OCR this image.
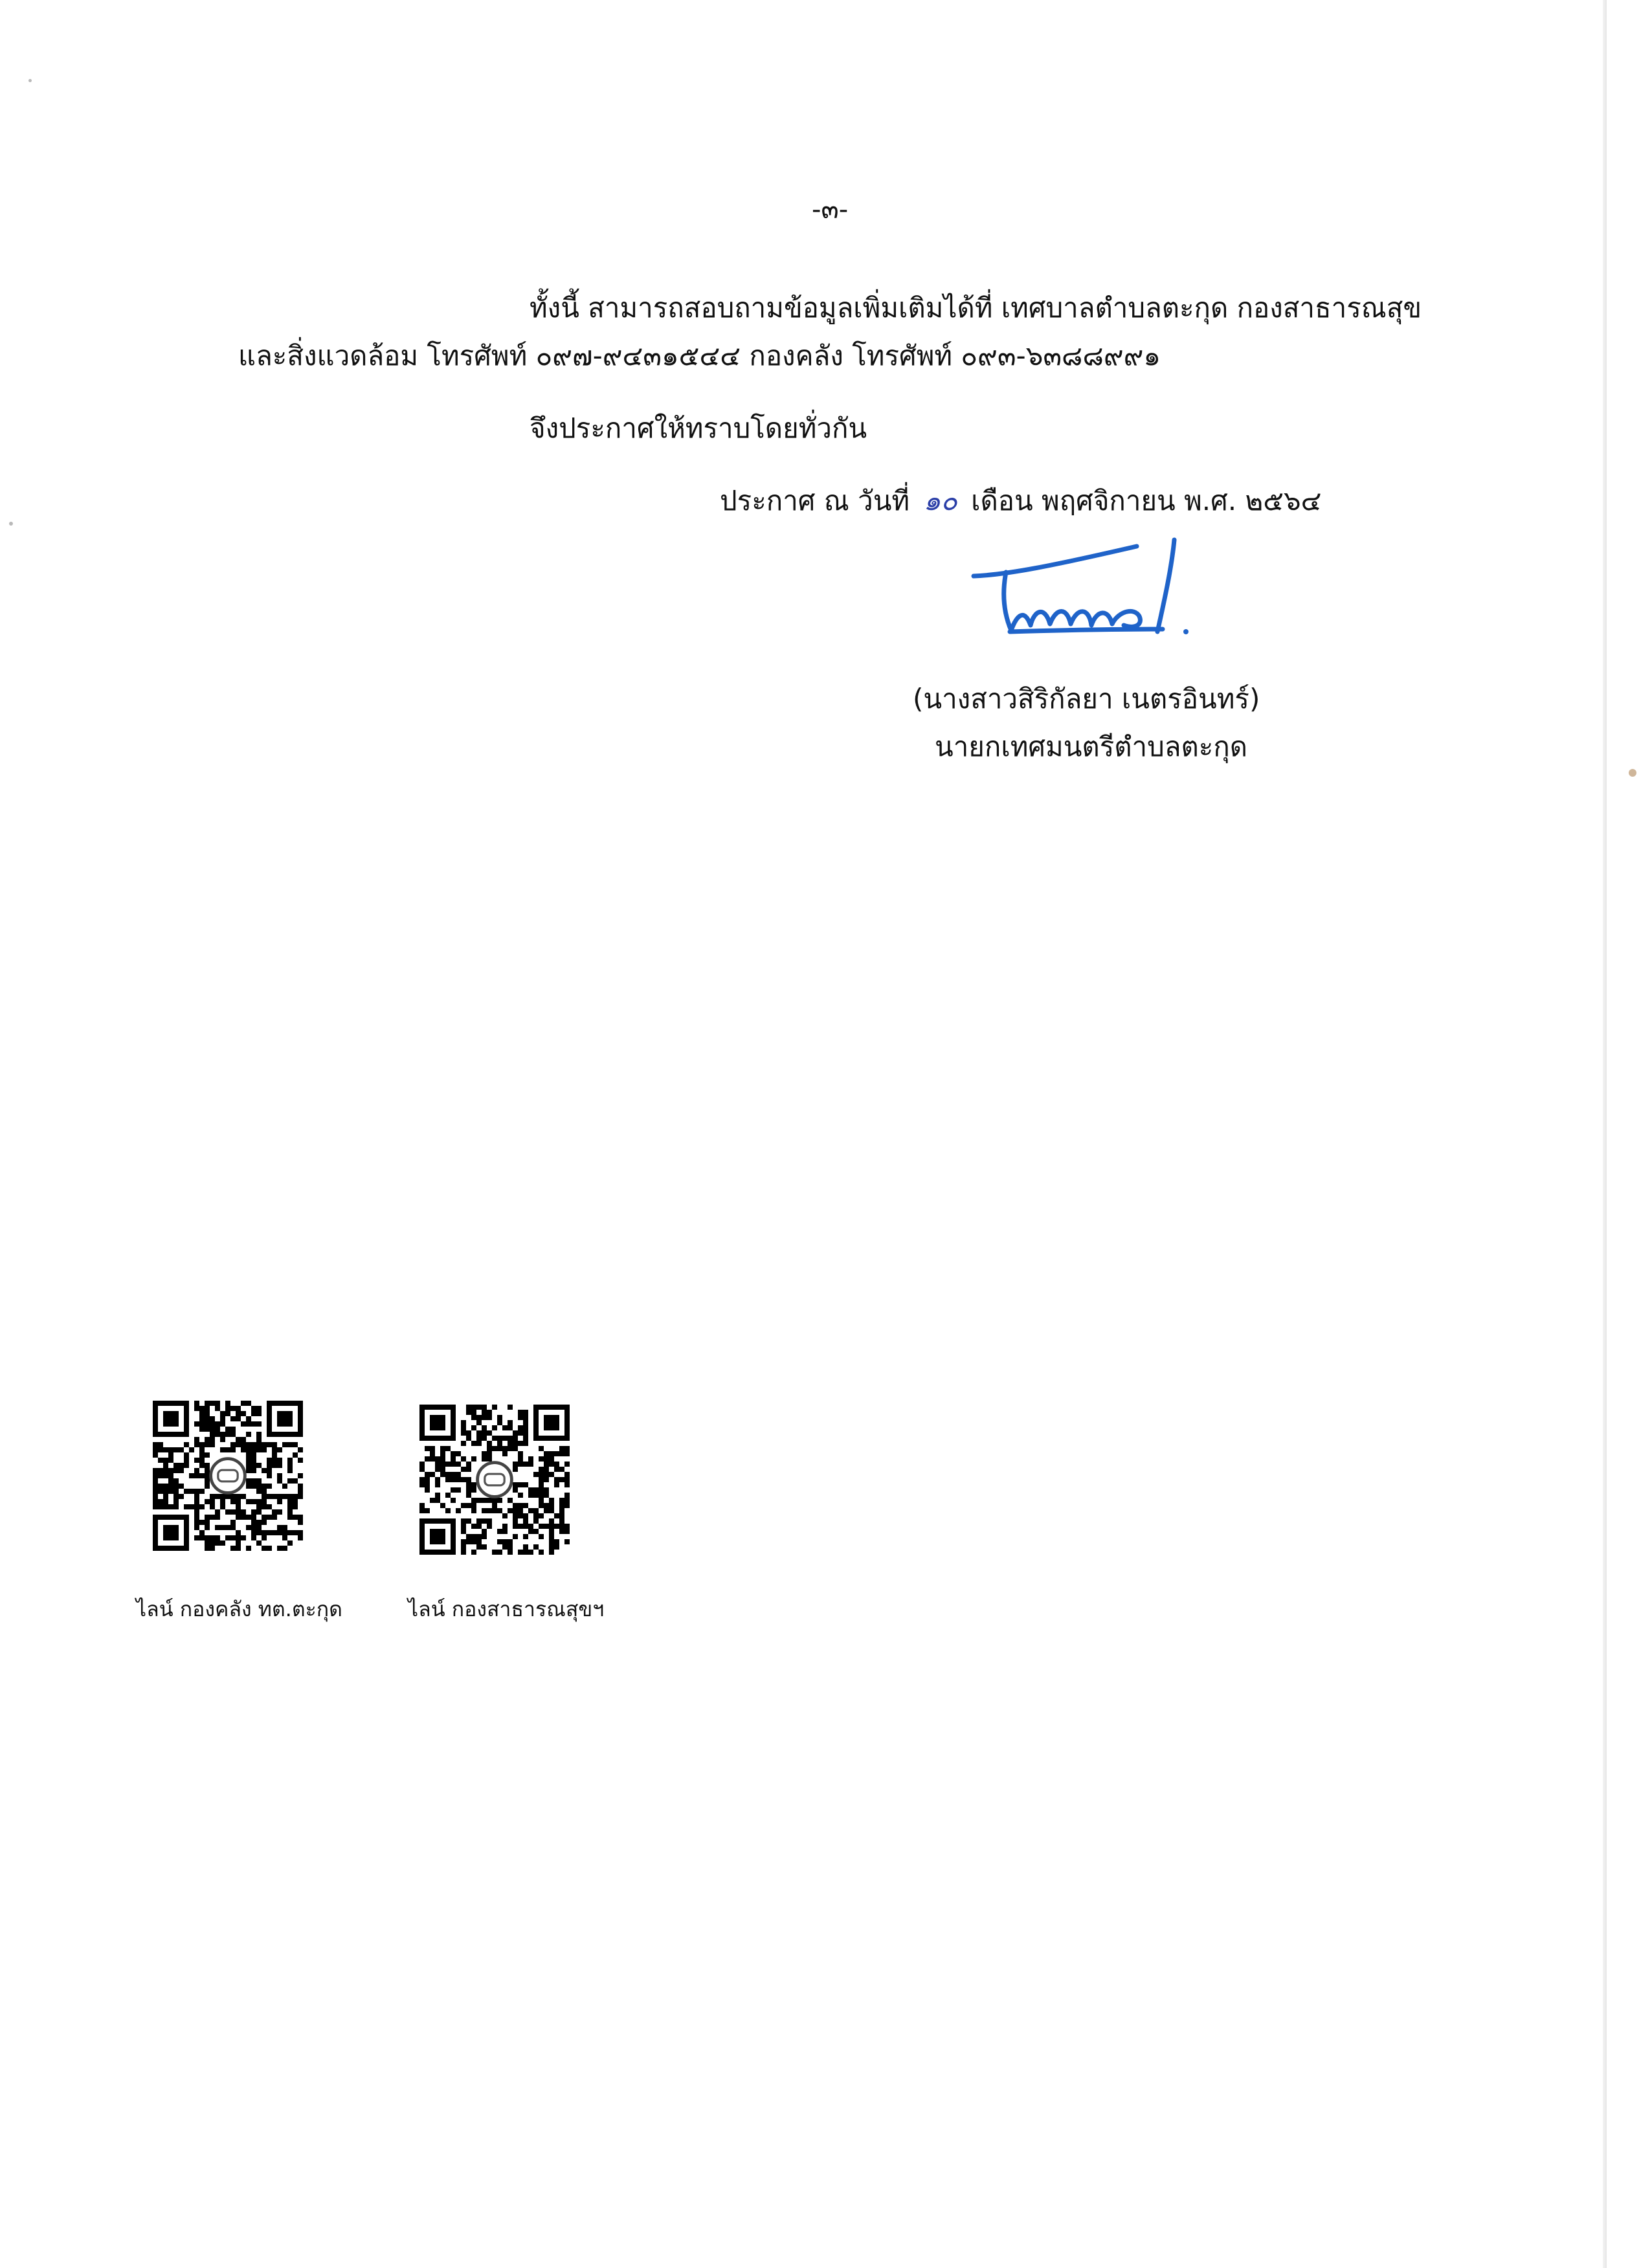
-๓-
ทั้งนี้ สามารถสอบถามข้อมูลเพิ่มเติมได้ที่ เทศบาลตำบลตะกุด กองสาธารณสุข
และสิ่งแวดล้อม โทรศัพท์ ๐๙๗-๙๔๓๑๕๔๔ กองคลัง โทรศัพท์ ๐๙๓-๖๓๘๘๙๙๑
จึงประกาศให้ทราบโดยทั่วกัน
ประกาศ ณ วันที่ ๑๐ เดือน พฤศจิกายน พ.ศ. ๒๕๖๔
(นางสาวสิริกัลยา เนตรอินทร์)
นายกเทศมนตรีตำบลตะกุด
ไลน์ กองคลัง ทต.ตะกุด	ไลน์ กองสาธารณสุขฯ
